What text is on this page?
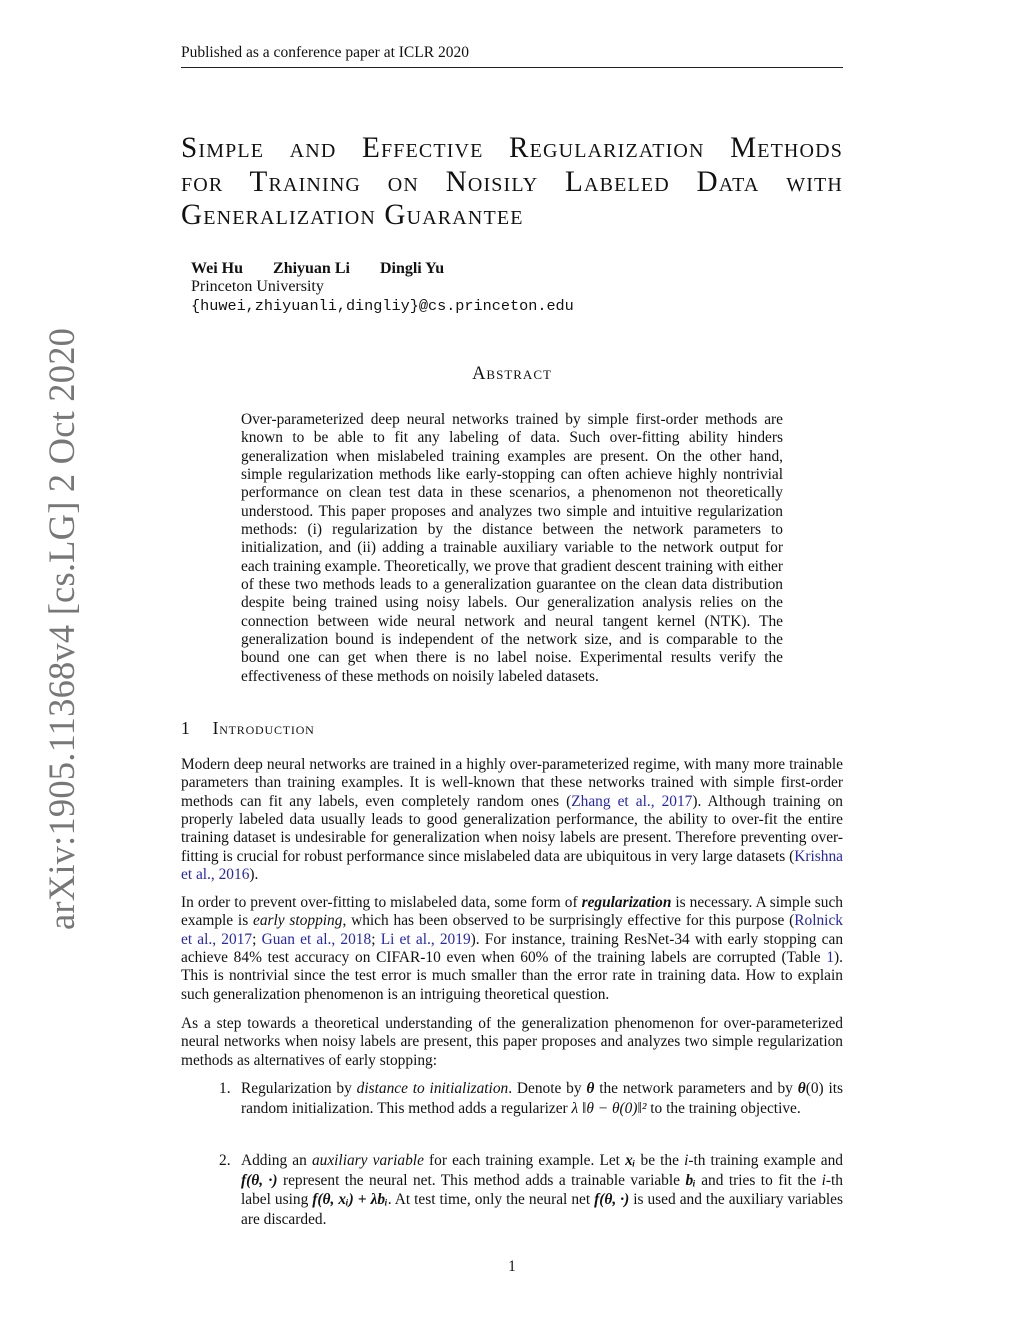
Published as a conference paper at ICLR 2020
arXiv:1905.11368v4 [cs.LG] 2 Oct 2020
Simple and Effective Regularization Methods
for Training on Noisily Labeled Data with
Generalization Guarantee

Wei Hu Zhiyuan Li Dingli Yu

Princeton University
{huwei,zhiyuanli,dingliy}@cs.princeton.edu
Abstract

Over-parameterized deep neural networks trained by simple first-order methods are known to be able to fit any labeling of data. Such over-fitting ability hinders generalization when mislabeled training examples are present. On the other hand, simple regularization methods like early-stopping can often achieve highly nontrivial performance on clean test data in these scenarios, a phenomenon not theoretically understood. This paper proposes and analyzes two simple and intuitive regularization methods: (i) regularization by the distance between the network parameters to initialization, and (ii) adding a trainable auxiliary variable to the network output for each training example. Theoretically, we prove that gradient descent training with either of these two methods leads to a generalization guarantee on the clean data distribution despite being trained using noisy labels. Our generalization analysis relies on the connection between wide neural network and neural tangent kernel (NTK). The generalization bound is independent of the network size, and is comparable to the bound one can get when there is no label noise. Experimental results verify the effectiveness of these methods on noisily labeled datasets.

1 Introduction

Modern deep neural networks are trained in a highly over-parameterized regime, with many more trainable parameters than training examples. It is well-known that these networks trained with simple first-order methods can fit any labels, even completely random ones (Zhang et al., 2017). Although training on properly labeled data usually leads to good generalization performance, the ability to over-fit the entire training dataset is undesirable for generalization when noisy labels are present. Therefore preventing over-fitting is crucial for robust performance since mislabeled data are ubiquitous in very large datasets (Krishna et al., 2016).

In order to prevent over-fitting to mislabeled data, some form of regularization is necessary. A simple such example is early stopping, which has been observed to be surprisingly effective for this purpose (Rolnick et al., 2017; Guan et al., 2018; Li et al., 2019). For instance, training ResNet-34 with early stopping can achieve 84% test accuracy on CIFAR-10 even when 60% of the training labels are corrupted (Table 1). This is nontrivial since the test error is much smaller than the error rate in training data. How to explain such generalization phenomenon is an intriguing theoretical question.

As a step towards a theoretical understanding of the generalization phenomenon for over-parameterized neural networks when noisy labels are present, this paper proposes and analyzes two simple regularization methods as alternatives of early stopping:

1. Regularization by distance to initialization. Denote by θ the network parameters and by θ(0) its random initialization. This method adds a regularizer λ ‖θ − θ(0)‖² to the training objective.
2. Adding an auxiliary variable for each training example. Let xᵢ be the i-th training example and f(θ, ·) represent the neural net. This method adds a trainable variable bᵢ and tries to fit the i-th label using f(θ, xᵢ) + λbᵢ. At test time, only the neural net f(θ, ·) is used and the auxiliary variables are discarded.
1
